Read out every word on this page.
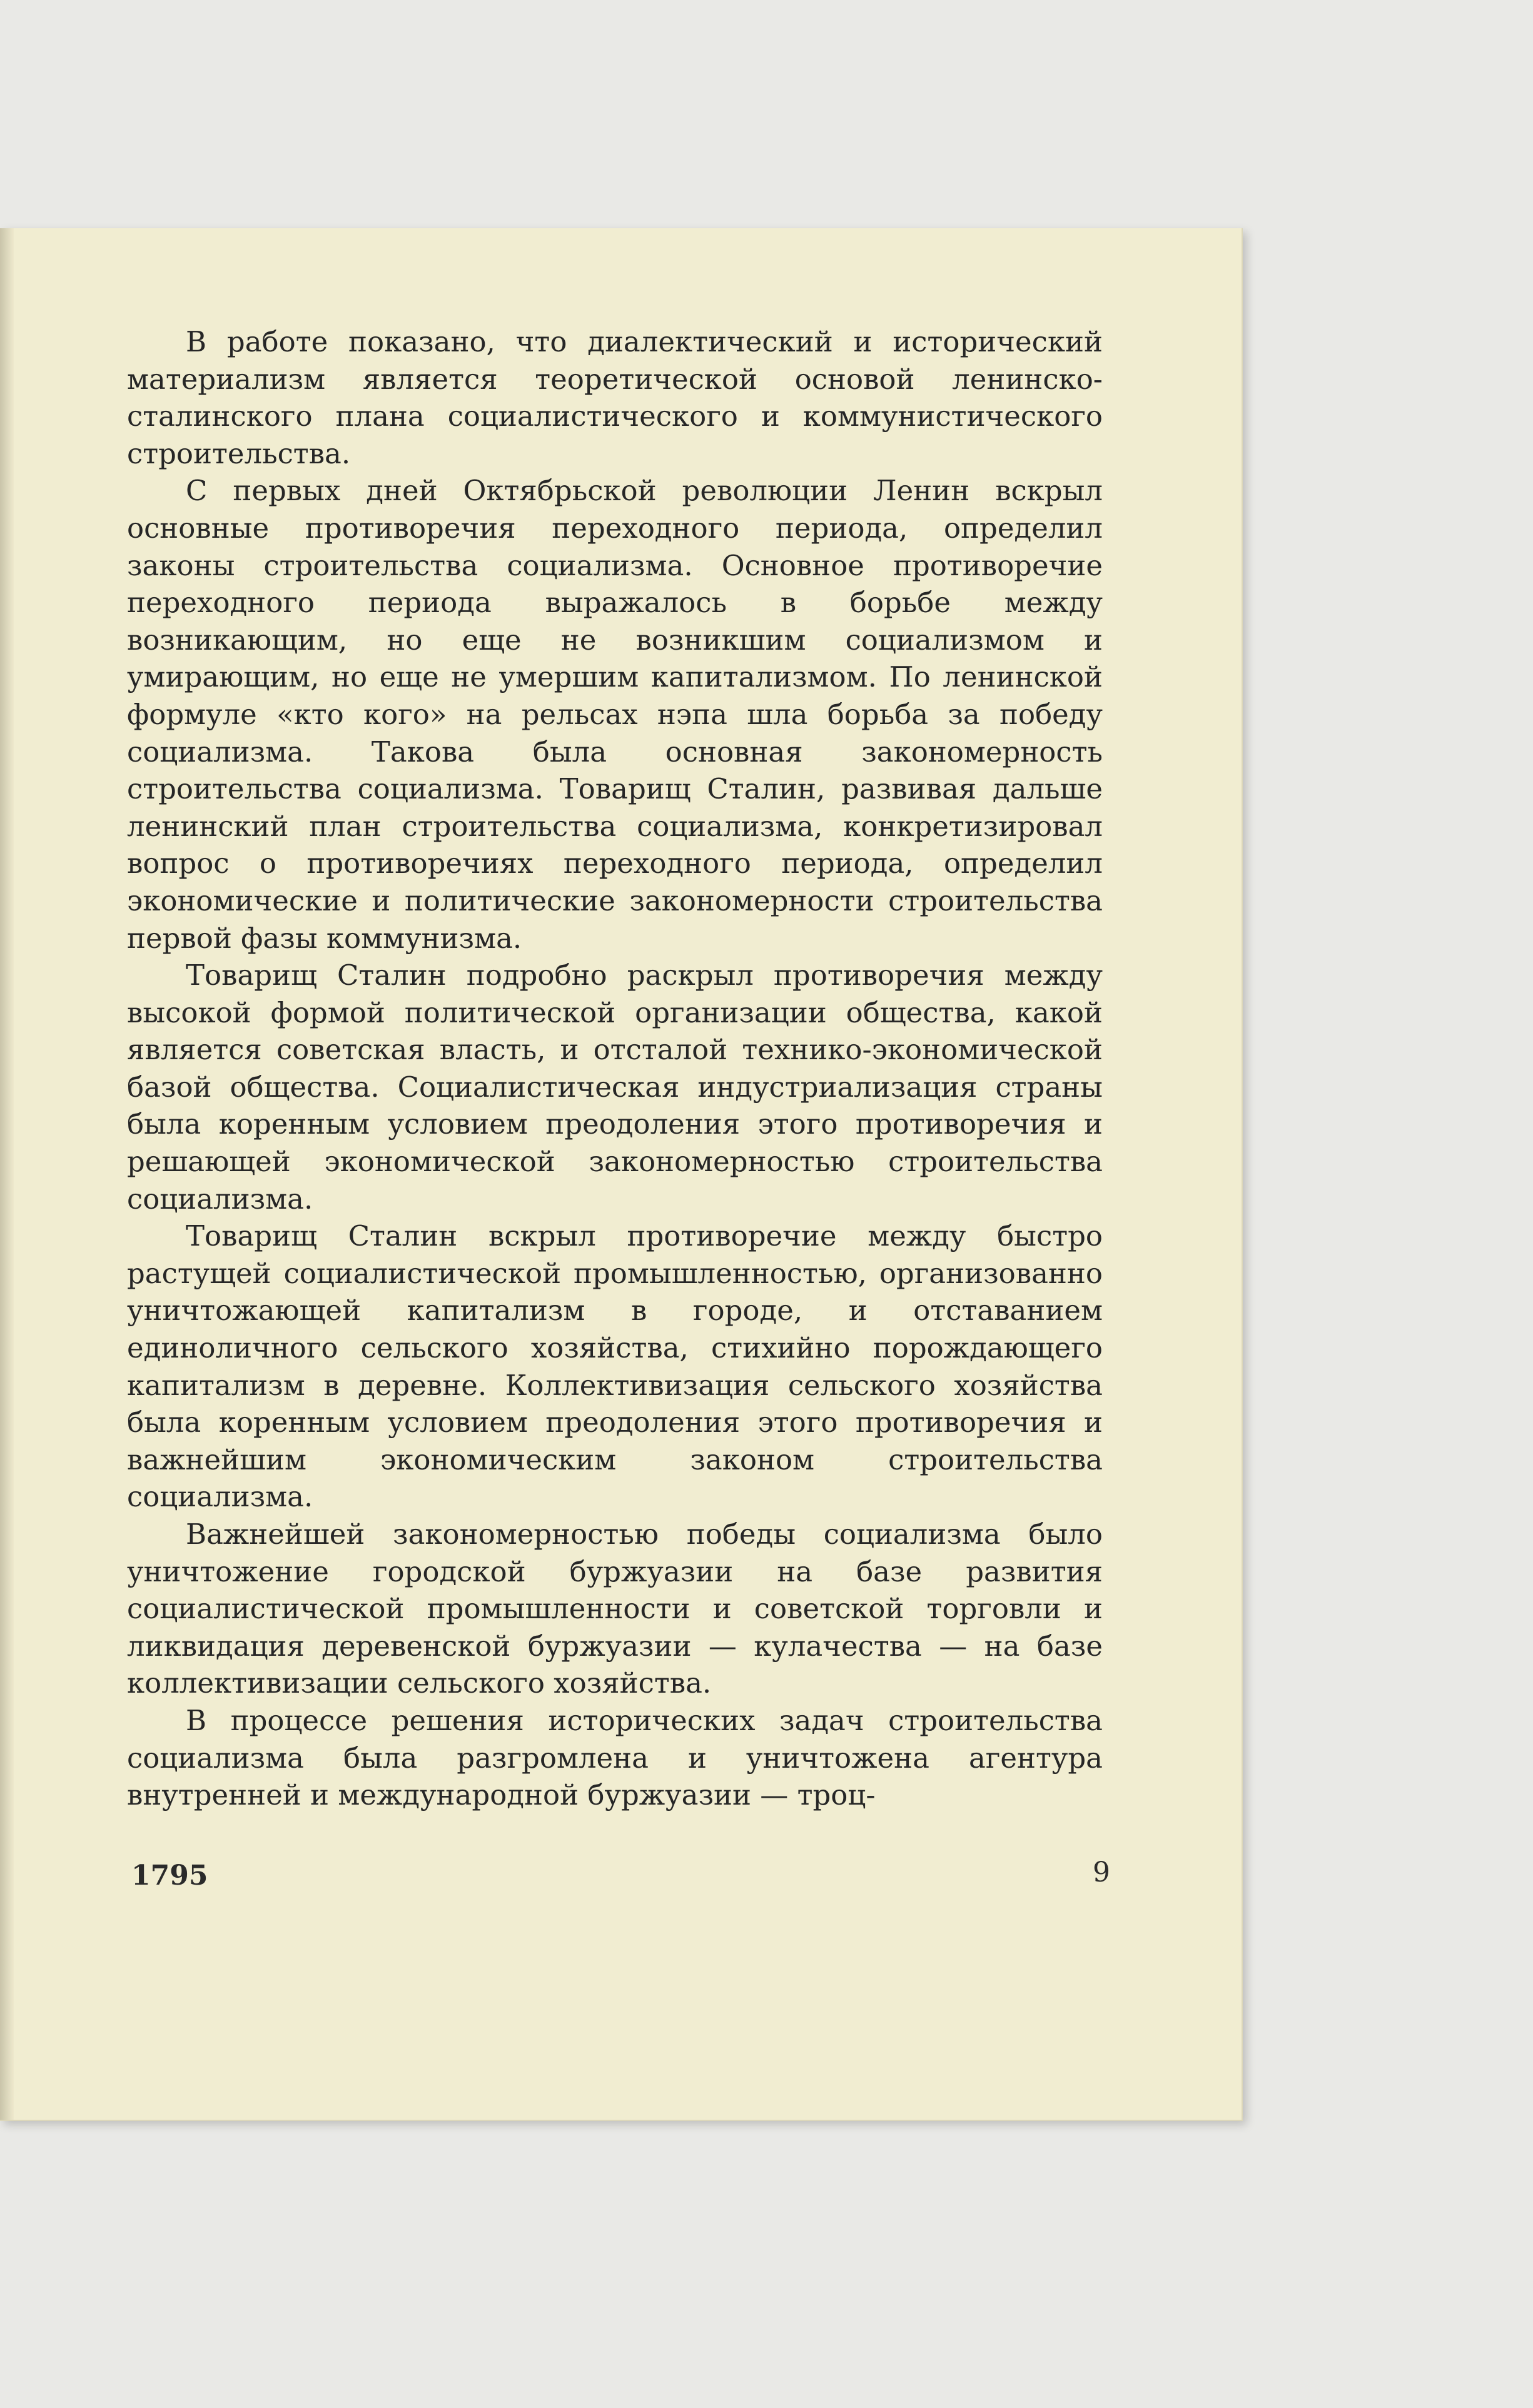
В работе показано, что диалектический и исторический материализм является теоретической основой ленинско-сталинского плана социалистического и коммунистического строительства.

С первых дней Октябрьской революции Ленин вскрыл основные противоречия переходного периода, определил законы строительства социализма. Основное противоречие переходного периода выражалось в борьбе между возникающим, но еще не возникшим социализмом и умирающим, но еще не умершим капитализмом. По ленинской формуле «кто кого» на рельсах нэпа шла борьба за победу социализма. Такова была основная закономерность строительства социализма. Товарищ Сталин, развивая дальше ленинский план строительства социализма, конкретизировал вопрос о противоречиях переходного периода, определил экономические и политические закономерности строительства первой фазы коммунизма.

Товарищ Сталин подробно раскрыл противоречия между высокой формой политической организации общества, какой является советская власть, и отсталой технико-экономической базой общества. Социалистическая индустриализация страны была коренным условием преодоления этого противоречия и решающей экономической закономерностью строительства социализма.

Товарищ Сталин вскрыл противоречие между быстро растущей социалистической промышленностью, организованно уничтожающей капитализм в городе, и отставанием единоличного сельского хозяйства, стихийно порождающего капитализм в деревне. Коллективизация сельского хозяйства была коренным условием преодоления этого противоречия и важнейшим экономическим законом строительства социализма.

Важнейшей закономерностью победы социализма было уничтожение городской буржуазии на базе развития социалистической промышленности и советской торговли и ликвидация деревенской буржуазии — кулачества — на базе коллективизации сельского хозяйства.

В процессе решения исторических задач строительства социализма была разгромлена и уничтожена агентура внутренней и международной буржуазии — троц-

1795	9
